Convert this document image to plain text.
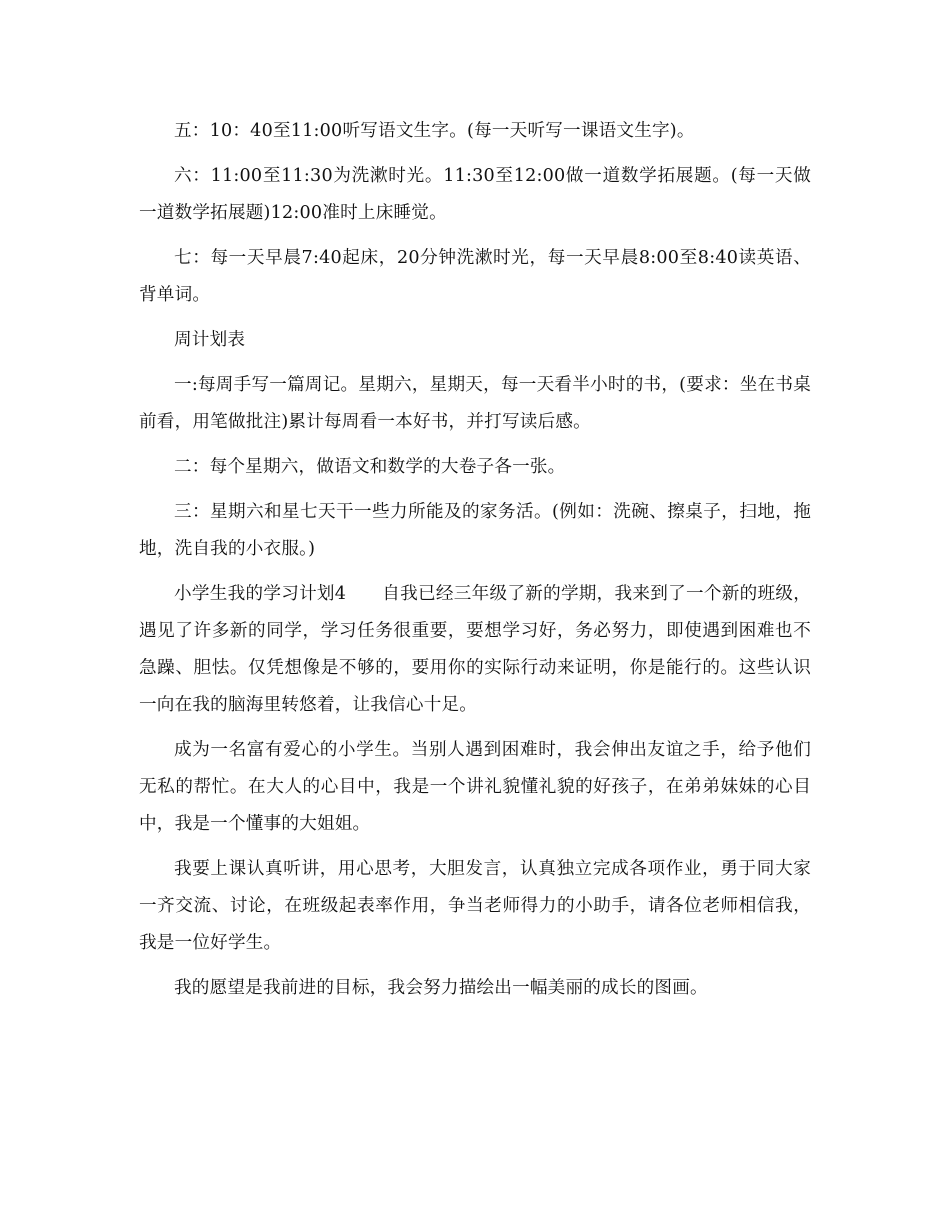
五：10：40至11:00听写语文生字。(每一天听写一课语文生字)。

六：11:00至11:30为洗漱时光。11:30至12:00做一道数学拓展题。(每一天做一道数学拓展题)12:00准时上床睡觉。

七：每一天早晨7:40起床，20分钟洗漱时光，每一天早晨8:00至8:40读英语、背单词。

周计划表

一:每周手写一篇周记。星期六，星期天，每一天看半小时的书，(要求：坐在书桌前看，用笔做批注)累计每周看一本好书，并打写读后感。

二：每个星期六，做语文和数学的大卷子各一张。

三：星期六和星七天干一些力所能及的家务活。(例如：洗碗、擦桌子，扫地，拖地，洗自我的小衣服。)

小学生我的学习计划4 自我已经三年级了新的学期，我来到了一个新的班级，遇见了许多新的同学，学习任务很重要，要想学习好，务必努力，即使遇到困难也不急躁、胆怯。仅凭想像是不够的，要用你的实际行动来证明，你是能行的。这些认识一向在我的脑海里转悠着，让我信心十足。

成为一名富有爱心的小学生。当别人遇到困难时，我会伸出友谊之手，给予他们无私的帮忙。在大人的心目中，我是一个讲礼貌懂礼貌的好孩子，在弟弟妹妹的心目中，我是一个懂事的大姐姐。

我要上课认真听讲，用心思考，大胆发言，认真独立完成各项作业，勇于同大家一齐交流、讨论，在班级起表率作用，争当老师得力的小助手，请各位老师相信我，我是一位好学生。

我的愿望是我前进的目标，我会努力描绘出一幅美丽的成长的图画。
